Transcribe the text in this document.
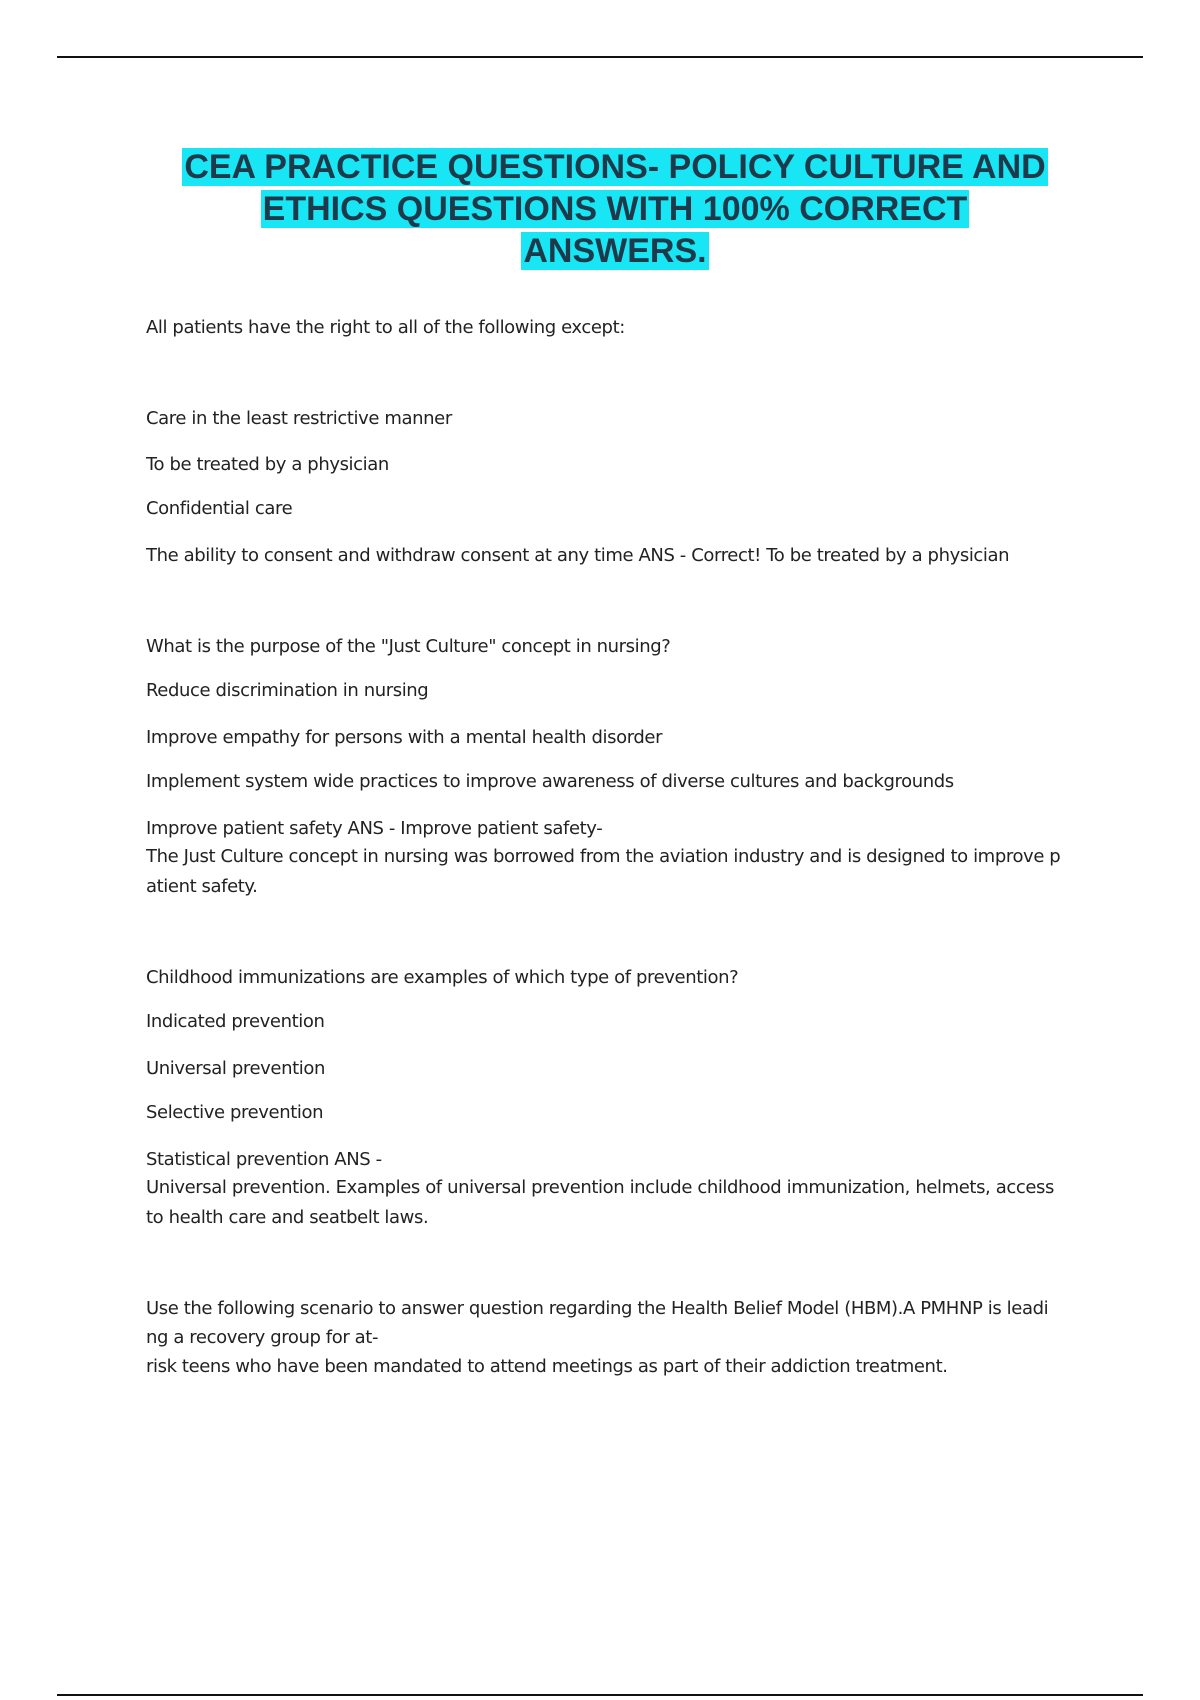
CEA PRACTICE QUESTIONS- POLICY CULTURE AND
ETHICS QUESTIONS WITH 100% CORRECT
ANSWERS.
All patients have the right to all of the following except:
Care in the least restrictive manner
To be treated by a physician
Confidential care
The ability to consent and withdraw consent at any time ANS - Correct! To be treated by a physician
What is the purpose of the "Just Culture" concept in nursing?
Reduce discrimination in nursing
Improve empathy for persons with a mental health disorder
Implement system wide practices to improve awareness of diverse cultures and backgrounds
Improve patient safety ANS - Improve patient safety-
The Just Culture concept in nursing was borrowed from the aviation industry and is designed to improve p
atient safety.
Childhood immunizations are examples of which type of prevention?
Indicated prevention
Universal prevention
Selective prevention
Statistical prevention ANS -
Universal prevention. Examples of universal prevention include childhood immunization, helmets, access
to health care and seatbelt laws.
Use the following scenario to answer question regarding the Health Belief Model (HBM).A PMHNP is leadi
ng a recovery group for at-
risk teens who have been mandated to attend meetings as part of their addiction treatment.
